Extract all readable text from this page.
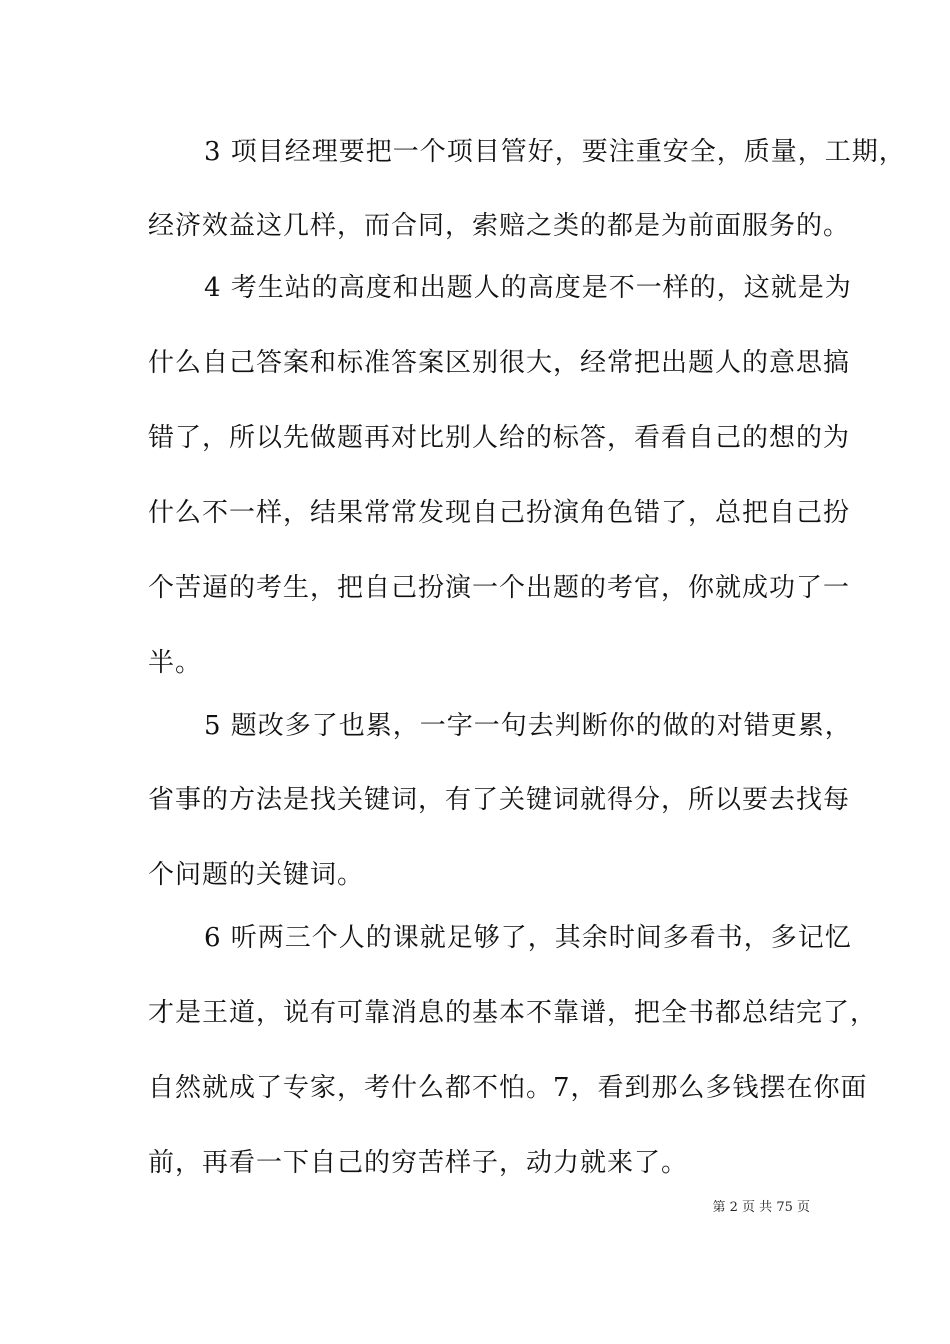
3 项目经理要把一个项目管好，要注重安全，质量，工期，
经济效益这几样，而合同，索赔之类的都是为前面服务的。
4 考生站的高度和出题人的高度是不一样的，这就是为
什么自己答案和标准答案区别很大，经常把出题人的意思搞
错了，所以先做题再对比别人给的标答，看看自己的想的为
什么不一样，结果常常发现自己扮演角色错了，总把自己扮
个苦逼的考生，把自己扮演一个出题的考官，你就成功了一
半。
5 题改多了也累，一字一句去判断你的做的对错更累，
省事的方法是找关键词，有了关键词就得分，所以要去找每
个问题的关键词。
6 听两三个人的课就足够了，其余时间多看书，多记忆
才是王道，说有可靠消息的基本不靠谱，把全书都总结完了，
自然就成了专家，考什么都不怕。7，看到那么多钱摆在你面
前，再看一下自己的穷苦样子，动力就来了。
第 2 页 共 75 页
